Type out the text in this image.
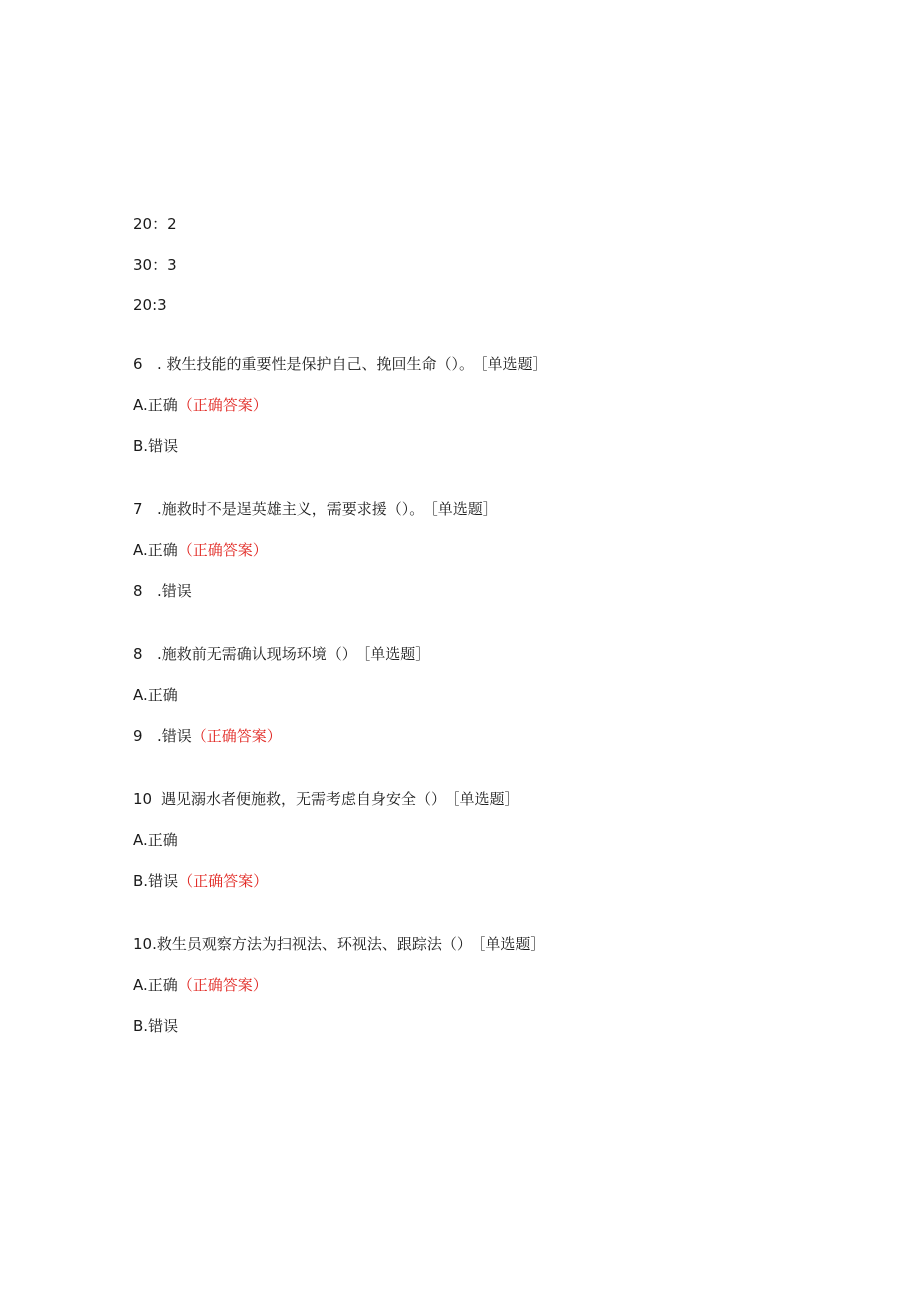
20：2
30：3
20:3
6 . 救生技能的重要性是保护自己、挽回生命（）。 ［单选题］
A.正确（正确答案）
B.错误
7 .施救时不是逞英雄主义，需要求援（）。 ［单选题］
A.正确（正确答案）
8 .错误
8 .施救前无需确认现场环境（） ［单选题］
A.正确
9 .错误（正确答案）
10 遇见溺水者便施救，无需考虑自身安全（） ［单选题］
A.正确
B.错误（正确答案）
10.救生员观察方法为扫视法、环视法、跟踪法（） ［单选题］
A.正确（正确答案）
B.错误
